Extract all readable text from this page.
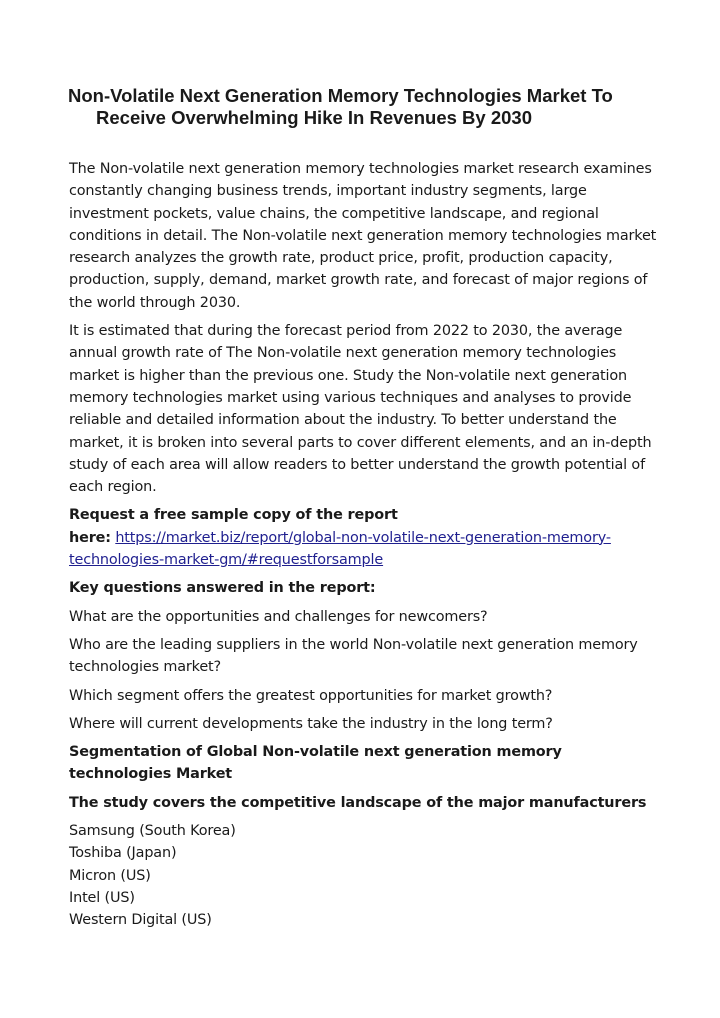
Non-Volatile Next Generation Memory Technologies Market To
Receive Overwhelming Hike In Revenues By 2030

The Non-volatile next generation memory technologies market research examines constantly changing business trends, important industry segments, large investment pockets, value chains, the competitive landscape, and regional conditions in detail. The Non-volatile next generation memory technologies market research analyzes the growth rate, product price, profit, production capacity, production, supply, demand, market growth rate, and forecast of major regions of the world through 2030.

It is estimated that during the forecast period from 2022 to 2030, the average annual growth rate of The Non-volatile next generation memory technologies market is higher than the previous one. Study the Non-volatile next generation memory technologies market using various techniques and analyses to provide reliable and detailed information about the industry. To better understand the market, it is broken into several parts to cover different elements, and an in-depth study of each area will allow readers to better understand the growth potential of each region.

Request a free sample copy of the report
here: https://market.biz/report/global-non-volatile-next-generation-memory-technologies-market-gm/#requestforsample

Key questions answered in the report:

What are the opportunities and challenges for newcomers?

Who are the leading suppliers in the world Non-volatile next generation memory technologies market?

Which segment offers the greatest opportunities for market growth?

Where will current developments take the industry in the long term?

Segmentation of Global Non-volatile next generation memory technologies Market

The study covers the competitive landscape of the major manufacturers

Samsung (South Korea)
Toshiba (Japan)
Micron (US)
Intel (US)
Western Digital (US)
